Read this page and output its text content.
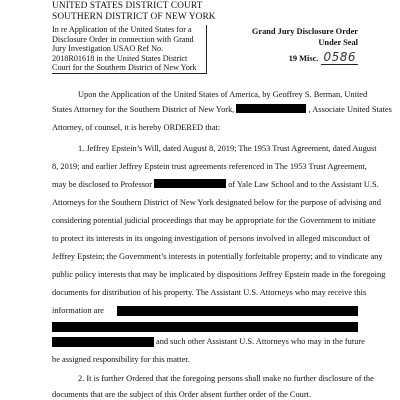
UNITED STATES DISTRICT COURT
SOUTHERN DISTRICT OF NEW YORK
In re Application of the United States for a Disclosure Order in connection with Grand Jury Investigation USAO Ref No. 2018R01618 in the United States District Court for the Southern District of New York
Grand Jury Disclosure Order
Under Seal
19 Misc. 0586
Upon the Application of the United States of America, by Geoffrey S. Berman, United
States Attorney for the Southern District of New York,	, Associate United States
Attorney, of counsel, it is hereby ORDERED that:
1. Jeffrey Epstein’s Will, dated August 8, 2019; The 1953 Trust Agreement, dated August
8, 2019; and earlier Jeffrey Epstein trust agreements referenced in The 1953 Trust Agreement,
may be disclosed to Professor	of Yale Law School and to the Assistant U.S.
Attorneys for the Southern District of New York designated below for the purpose of advising and
considering potential judicial proceedings that may be appropriate for the Government to initiate
to protect its interests in its ongoing investigation of persons involved in alleged misconduct of
Jeffrey Epstein; the Government’s interests in potentially forfeitable property; and to vindicate any
public policy interests that may be implicated by dispositions Jeffrey Epstein made in the foregoing
documents for distribution of his property. The Assistant U.S. Attorneys who may receive this
information are
and such other Assistant U.S. Attorneys who may in the future
be assigned responsibility for this matter.
2. It is further Ordered that the foregoing persons shall make no further disclosure of the
documents that are the subject of this Order absent further order of the Court.
